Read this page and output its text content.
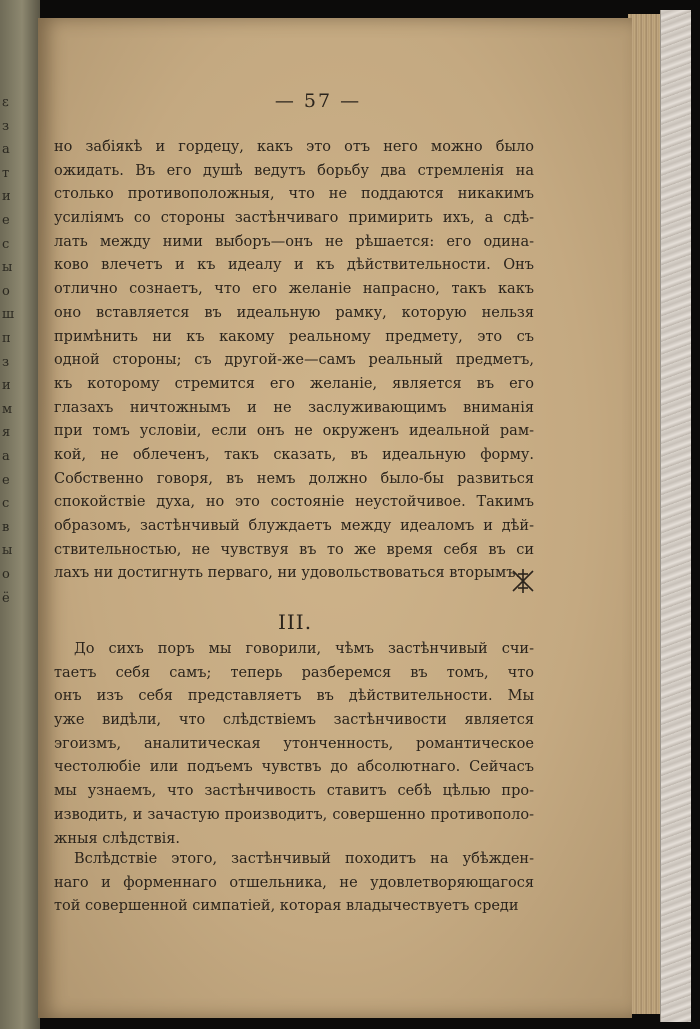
ε
з
а
т
и
е
с
ы
о
ш
п
з
и
м
я
а
е
с
в
ы
о
ё
— 57 —
но забіякѣ и гордецу, какъ это отъ него можно было
ожидать. Въ его душѣ ведутъ борьбу два стремленія на
столько противоположныя, что не поддаются никакимъ
усиліямъ со стороны застѣнчиваго примирить ихъ, а сдѣ-
лать между ними выборъ—онъ не рѣшается: его одина-
ково влечетъ и къ идеалу и къ дѣйствительности. Онъ
отлично сознаетъ, что его желаніе напрасно, такъ какъ
оно вставляется въ идеальную рамку, которую нельзя
примѣнить ни къ какому реальному предмету, это съ
одной стороны; съ другой-же—самъ реальный предметъ,
къ которому стремится его желаніе, является въ его
глазахъ ничтожнымъ и не заслуживающимъ вниманія
при томъ условіи, если онъ не окруженъ идеальной рам-
кой, не облеченъ, такъ сказать, въ идеальную форму.
Собственно говоря, въ немъ должно было-бы развиться
спокойствіе духа, но это состояніе неустойчивое. Такимъ
образомъ, застѣнчивый блуждаетъ между идеаломъ и дѣй-
ствительностью, не чувствуя въ то же время себя въ си
лахъ ни достигнуть перваго, ни удовольствоваться вторымъ.
III.
До сихъ поръ мы говорили, чѣмъ застѣнчивый счи-
таетъ себя самъ; теперь разберемся въ томъ, что
онъ изъ себя представляетъ въ дѣйствительности. Мы
уже видѣли, что слѣдствіемъ застѣнчивости является
эгоизмъ, аналитическая утонченность, романтическое
честолюбіе или подъемъ чувствъ до абсолютнаго. Сейчасъ
мы узнаемъ, что застѣнчивость ставитъ себѣ цѣлью про-
изводить, и зачастую производитъ, совершенно противополо-
жныя слѣдствія.
Вслѣдствіе этого, застѣнчивый походитъ на убѣжден-
наго и форменнаго отшельника, не удовлетворяющагося
той совершенной симпатіей, которая владычествуетъ среди
